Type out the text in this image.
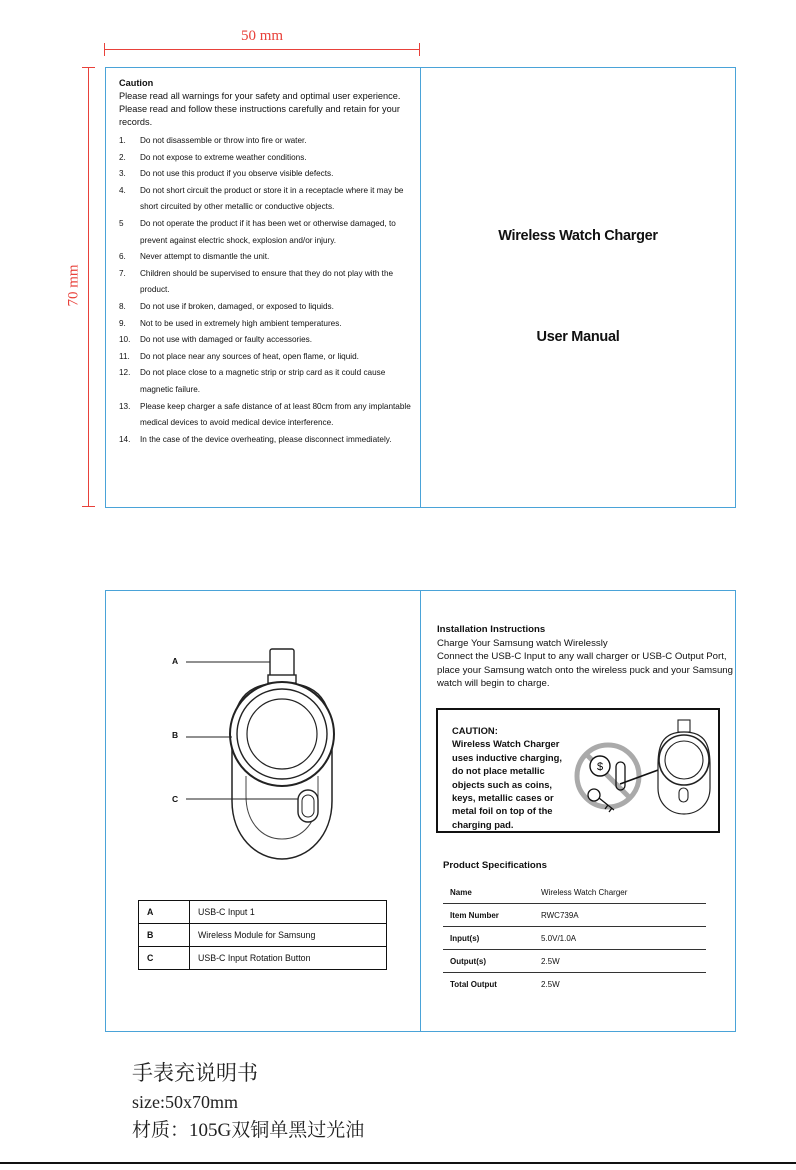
50 mm
70 mm
Caution
Please read all warnings for your safety and optimal user experience. Please read and follow these instructions carefully and retain for your records.
1.	Do not disassemble or throw into fire or water.
2.	Do not expose to extreme weather conditions.
3.	Do not use this product if you observe visible defects.
4.	Do not short circuit the product or store it in a receptacle where it may be short circuited by other metallic or conductive objects.
5	Do not operate the product if it has been wet or otherwise damaged, to prevent against electric shock, explosion and/or injury.
6.	Never attempt to dismantle the unit.
7.	Children should be supervised to ensure that they do not play with the product.
8.	Do not use if broken, damaged, or exposed to liquids.
9.	Not to be used in extremely high ambient temperatures.
10.	Do not use with damaged or faulty accessories.
11.	Do not place near any sources of heat, open flame, or liquid.
12.	Do not place close to a magnetic strip or strip card as it could cause magnetic failure.
13.	Please keep charger a safe distance of at least 80cm from any implantable medical devices to avoid medical device interference.
14.	In the case of the device overheating, please disconnect immediately.
Wireless Watch Charger
User Manual
A
B
C
A	USB-C Input 1
B	Wireless Module for Samsung
C	USB-C Input Rotation Button
Installation Instructions
Charge Your Samsung watch Wirelessly
Connect the USB-C Input to any wall charger or USB-C Output Port, place your Samsung watch onto the wireless puck and your Samsung watch will begin to charge.
CAUTION:
Wireless Watch Charger uses inductive charging, do not place metallic objects such as coins, keys, metallic cases or metal foil on top of the charging pad.
$
Product Specifications
Name	Wireless Watch Charger
Item Number	RWC739A
Input(s)	5.0V/1.0A
Output(s)	2.5W
Total Output	2.5W
手表充说明书
size:50x70mm
材质：105G双铜单黑过光油
